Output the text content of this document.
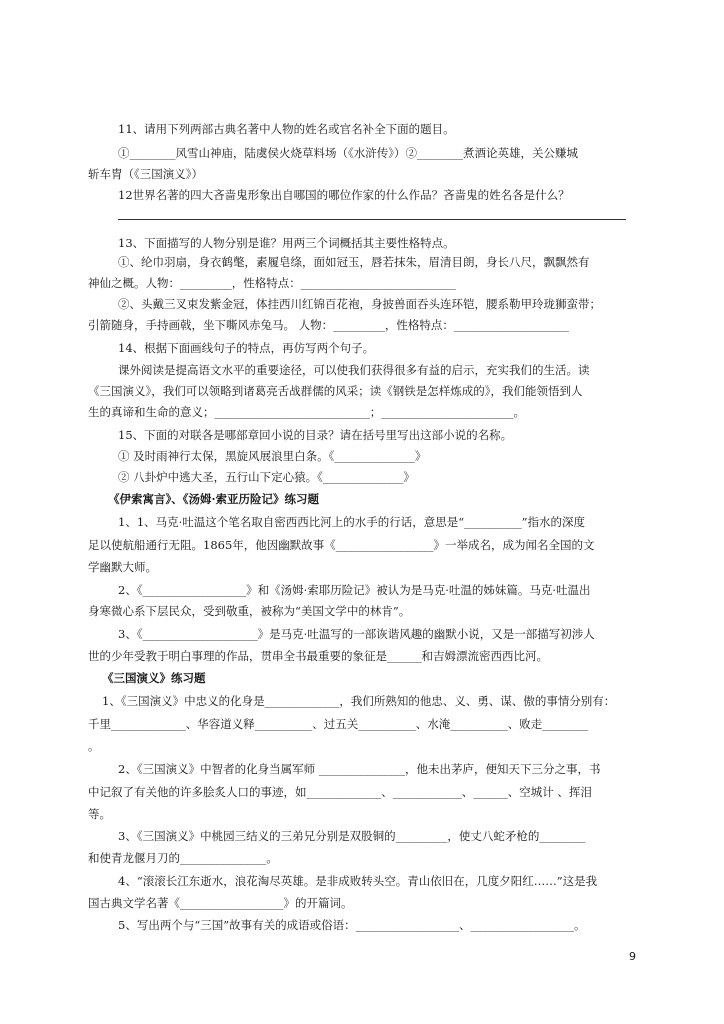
11、请用下列两部古典名著中人物的姓名或官名补全下面的题目。
①________风雪山神庙，陆虞侯火烧草料场（《水浒传》）②________煮酒论英雄，关公赚城
斩车胄（《三国演义》）
12世界名著的四大吝啬鬼形象出自哪国的哪位作家的什么作品？吝啬鬼的姓名各是什么？
13、下面描写的人物分别是谁？用两三个词概括其主要性格特点。
①、纶巾羽扇，身衣鹤氅，素履皂绦，面如冠玉，唇若抹朱，眉清目朗，身长八尺，飘飘然有
神仙之概。人物：_________，性格特点：___________________________
②、头戴三叉束发紫金冠，体挂西川红锦百花袍，身披兽面吞头连环铠，腰系勒甲玲珑狮蛮带；
引箭随身，手持画戟，坐下嘶风赤兔马。 人物：_________，性格特点：____________________
14、根据下面画线句子的特点，再仿写两个句子。
课外阅读是提高语文水平的重要途径，可以使我们获得很多有益的启示，充实我们的生活。读
《三国演义》，我们可以领略到诸葛亮舌战群儒的风采；读《钢铁是怎样炼成的》，我们能领悟到人
生的真谛和生命的意义；___________________________；_______________________。
15、下面的对联各是哪部章回小说的目录？请在括号里写出这部小说的名称。
① 及时雨神行太保，黑旋风展浪里白条。《______________》
② 八卦炉中逃大圣，五行山下定心猿。《______________》
《伊索寓言》、《汤姆·索亚历险记》练习题
1、1、马克·吐温这个笔名取自密西西比河上的水手的行话，意思是“__________”指水的深度
足以使航船通行无阻。1865年，他因幽默故事《_________________》一举成名，成为闻名全国的文
学幽默大师。
2、《__________________》和《汤姆·索耶历险记》被认为是马克·吐温的姊妹篇。马克·吐温出
身寒微心系下层民众，受到敬重，被称为“美国文学中的林肯”。
3、《____________________》是马克·吐温写的一部诙谐风趣的幽默小说，又是一部描写初涉人
世的少年受教于明白事理的作品，贯串全书最重要的象征是______和吉姆漂流密西西比河。
《三国演义》练习题
1、《三国演义》中忠义的化身是_____________，我们所熟知的他忠、义、勇、谋、傲的事情分别有：
千里_____________、华容道义释__________、过五关__________、水淹__________、败走________
。
2、《三国演义》中智者的化身当属军师 _______________，他未出茅庐，便知天下三分之事，书
中记叙了有关他的许多脍炙人口的事迹，如_____________、____________、______、空城计 、挥泪
等。
3、《三国演义》中桃园三结义的三弟兄分别是双股铜的_________，使丈八蛇矛枪的________
和使青龙偃月刀的_______________。
4、“滚滚长江东逝水，浪花淘尽英雄。是非成败转头空。青山依旧在，几度夕阳红……”这是我
国古典文学名著《__________________》的开篇词。
5、写出两个与“三国”故事有关的成语或俗语：__________________、__________________。
9
